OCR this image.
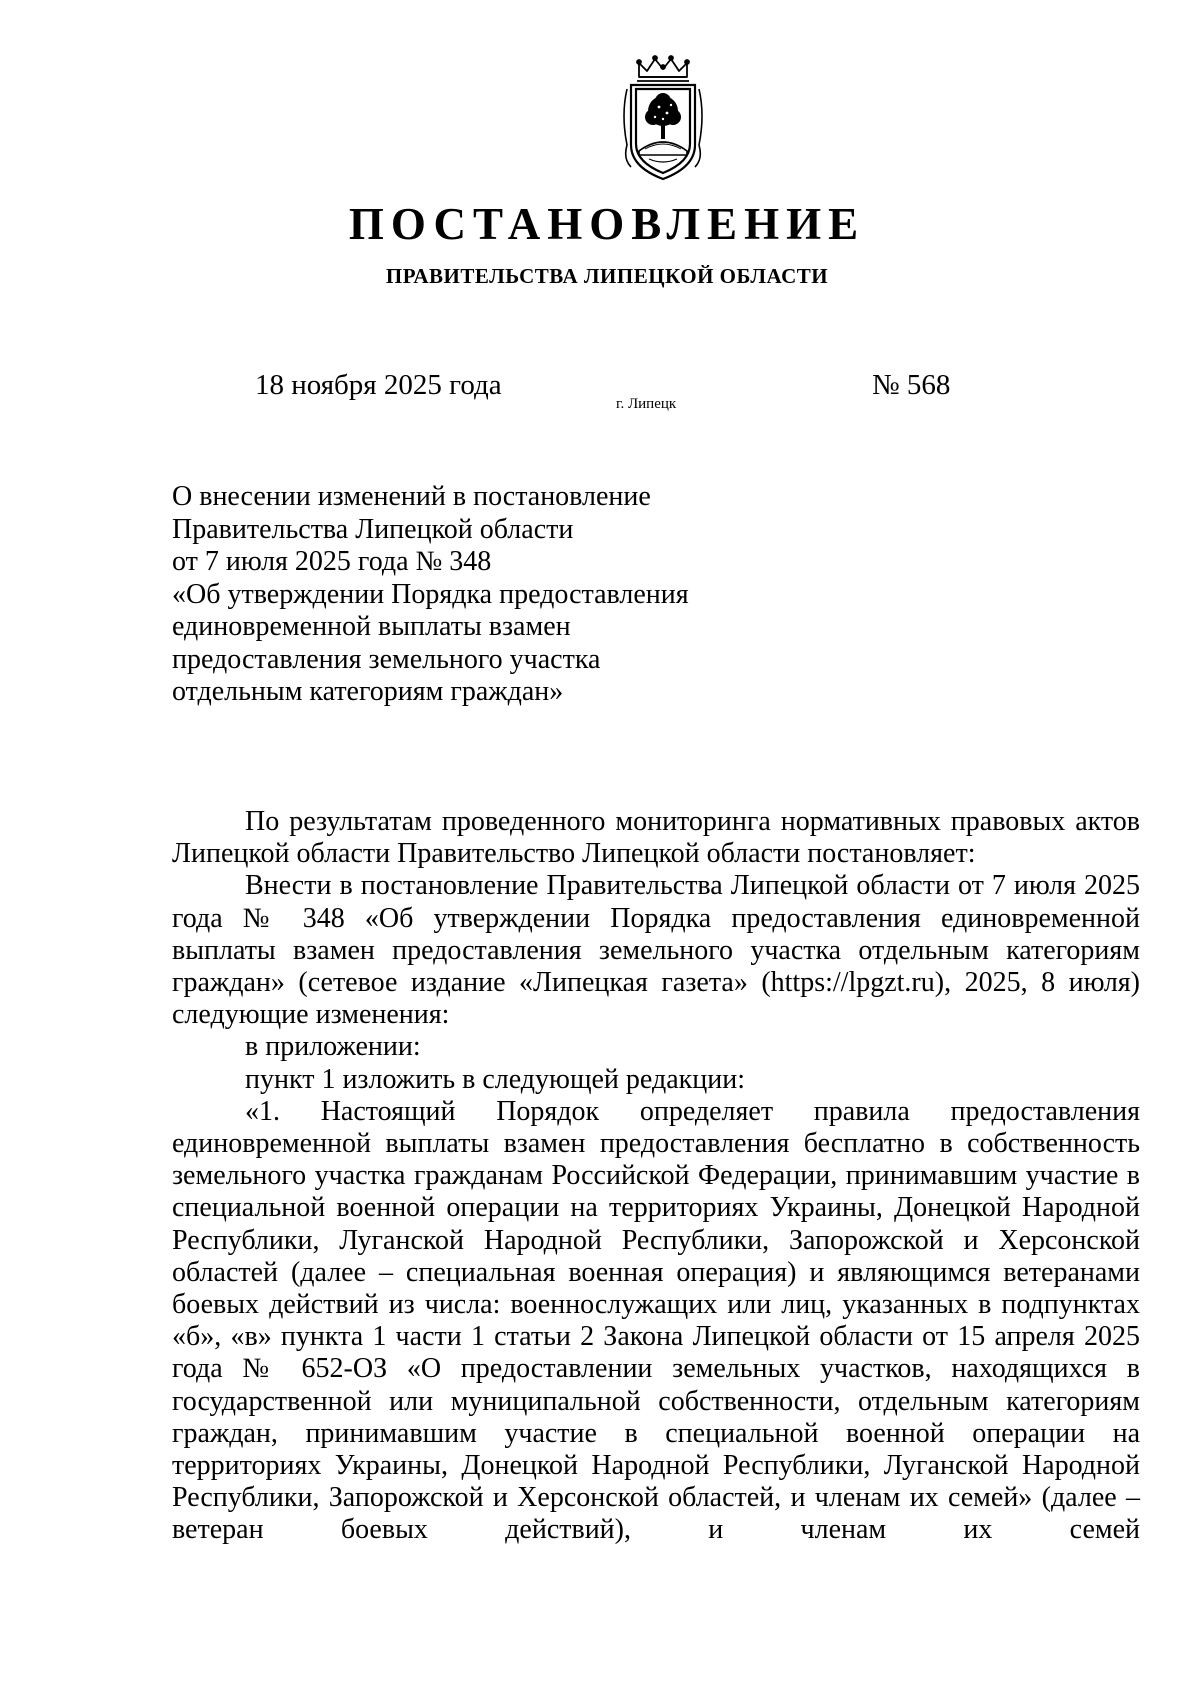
ПОСТАНОВЛЕНИЕ
ПРАВИТЕЛЬСТВА ЛИПЕЦКОЙ ОБЛАСТИ
18 ноября 2025 года
г. Липецк
№ 568
О внесении изменений в постановление
Правительства Липецкой области
от 7 июля 2025 года № 348
«Об утверждении Порядка предоставления
единовременной выплаты взамен
предоставления земельного участка
отдельным категориям граждан»

По результатам проведенного мониторинга нормативных правовых актов Липецкой области Правительство Липецкой области постановляет:

Внести в постановление Правительства Липецкой области от 7 июля 2025 года № 348 «Об утверждении Порядка предоставления единовременной выплаты взамен предоставления земельного участка отдельным категориям граждан» (сетевое издание «Липецкая газета» (https://lpgzt.ru), 2025, 8 июля) следующие изменения:

в приложении:

пункт 1 изложить в следующей редакции:

«1. Настоящий Порядок определяет правила предоставления единовременной выплаты взамен предоставления бесплатно в собственность земельного участка гражданам Российской Федерации, принимавшим участие в специальной военной операции на территориях Украины, Донецкой Народной Республики, Луганской Народной Республики, Запорожской и Херсонской областей (далее – специальная военная операция) и являющимся ветеранами боевых действий из числа: военнослужащих или лиц, указанных в подпунктах «б», «в» пункта 1 части 1 статьи 2 Закона Липецкой области от 15 апреля 2025 года № 652-ОЗ «О предоставлении земельных участков, находящихся в государственной или муниципальной собственности, отдельным категориям граждан, принимавшим участие в специальной военной операции на территориях Украины, Донецкой Народной Республики, Луганской Народной Республики, Запорожской и Херсонской областей, и членам их семей» (далее – ветеран боевых действий), и членам их семей
